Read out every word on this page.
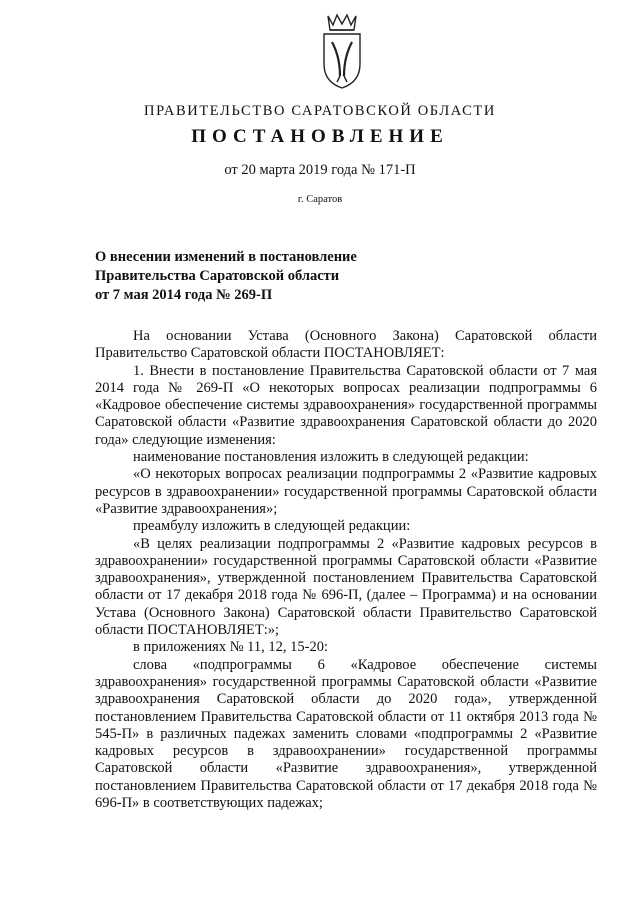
ПРАВИТЕЛЬСТВО САРАТОВСКОЙ ОБЛАСТИ
ПОСТАНОВЛЕНИЕ
от 20 марта 2019 года № 171-П
г. Саратов
О внесении изменений в постановление
Правительства Саратовской области
от 7 мая 2014 года № 269-П

На основании Устава (Основного Закона) Саратовской области Правительство Саратовской области ПОСТАНОВЛЯЕТ:

1. Внести в постановление Правительства Саратовской области от 7 мая 2014 года № 269-П «О некоторых вопросах реализации подпрограммы 6 «Кадровое обеспечение системы здравоохранения» государственной программы Саратовской области «Развитие здравоохранения Саратовской области до 2020 года» следующие изменения:

наименование постановления изложить в следующей редакции:

«О некоторых вопросах реализации подпрограммы 2 «Развитие кадровых ресурсов в здравоохранении» государственной программы Саратовской области «Развитие здравоохранения»;

преамбулу изложить в следующей редакции:

«В целях реализации подпрограммы 2 «Развитие кадровых ресурсов в здравоохранении» государственной программы Саратовской области «Развитие здравоохранения», утвержденной постановлением Правительства Саратовской области от 17 декабря 2018 года № 696-П, (далее – Программа) и на основании Устава (Основного Закона) Саратовской области Правительство Саратовской области ПОСТАНОВЛЯЕТ:»;

в приложениях № 11, 12, 15-20:

слова «подпрограммы 6 «Кадровое обеспечение системы здравоохранения» государственной программы Саратовской области «Развитие здравоохранения Саратовской области до 2020 года», утвержденной постановлением Правительства Саратовской области от 11 октября 2013 года № 545-П» в различных падежах заменить словами «подпрограммы 2 «Развитие кадровых ресурсов в здравоохранении» государственной программы Саратовской области «Развитие здравоохранения», утвержденной постановлением Правительства Саратовской области от 17 декабря 2018 года № 696-П» в соответствующих падежах;
